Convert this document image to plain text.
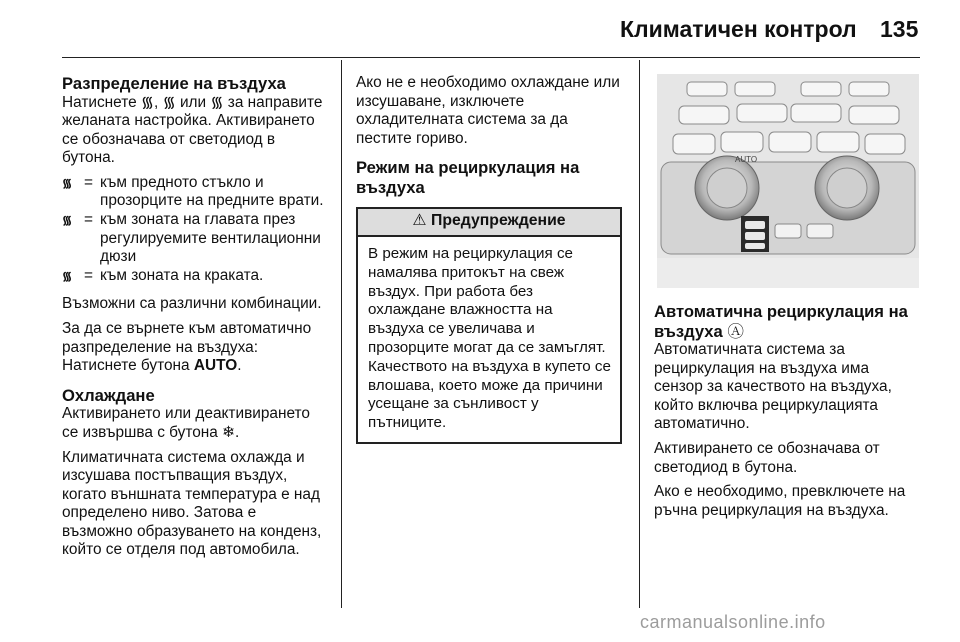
Климатичен контрол 135
Разпределение на въздуха

Натиснете ᯾, ᯾ или ᯾ за направите желаната настройка. Активирането се обозначава от светодиод в бутона.

᯾ = към предното стъкло и прозорците на предните врати.
᯾ = към зоната на главата през регулируемите вентилационни дюзи
᯾ = към зоната на краката.

Възможни са различни комбинации.

За да се върнете към автоматично разпределение на въздуха: Натиснете бутона AUTO.

Охлаждане

Активирането или деактивирането се извършва с бутона ❄.

Климатичната система охлажда и изсушава постъпващия въздух, когато външната температура е над определено ниво. Затова е възможно образуването на конденз, който се отделя под автомобила.

Ако не е необходимо охлаждане или изсушаване, изключете охладителната система за да пестите гориво.

Режим на рециркулация на въздуха
⚠ Предупреждение
В режим на рециркулация се намалява притокът на свеж въздух. При работа без охлаждане влажността на въздуха се увеличава и прозорците могат да се замъглят. Качеството на въздуха в купето се влошава, което може да причини усещане за сънливост у пътниците.
AUTO
Автоматична рециркулация на въздуха Ⓐ

Автоматичната система за рециркулация на въздуха има сензор за качеството на въздуха, който включва рециркулацията автоматично.

Активирането се обозначава от светодиод в бутона.

Ако е необходимо, превключете на ръчна рециркулация на въздуха.

carmanualsonline.info
